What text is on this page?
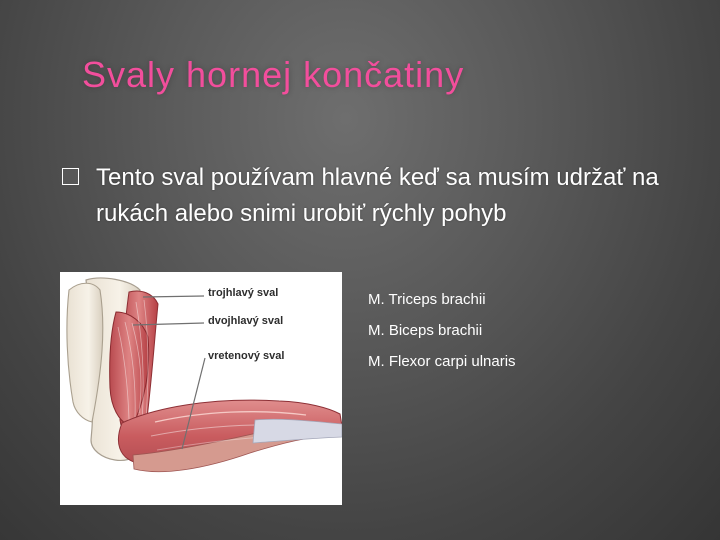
Svaly hornej končatiny
Tento sval používam hlavné keď sa musím udržať na rukách alebo snimi urobiť rýchly pohyb
trojhlavý sval
dvojhlavý sval
vretenový sval
M. Triceps brachii
M. Biceps brachii
M. Flexor carpi ulnaris
